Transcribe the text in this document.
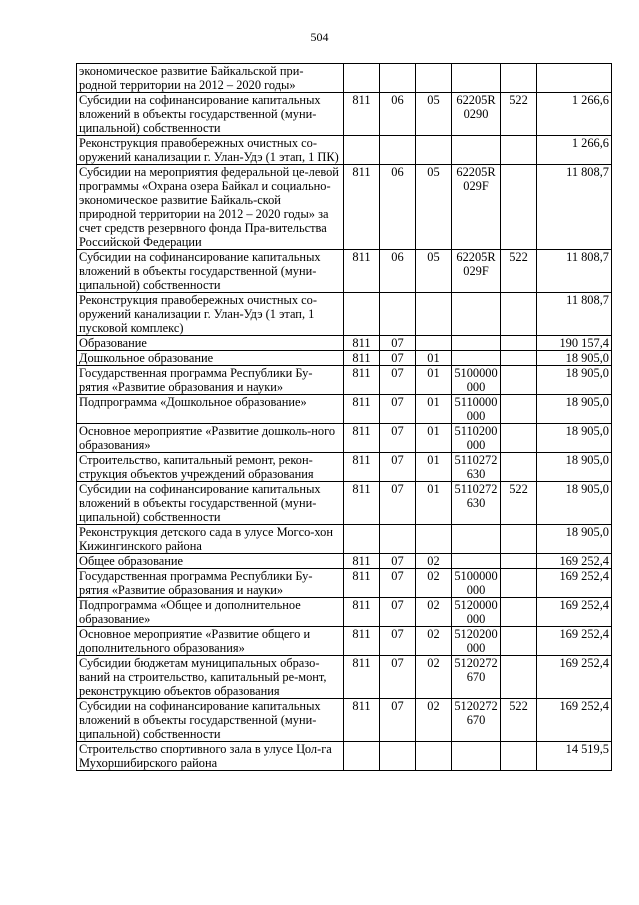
504
экономическое развитие Байкальской при-родной территории на 2012 – 2020 годы»						
Субсидии на софинансирование капитальных вложений в объекты государственной (муни-ципальной) собственности	811	06	05	62205R0290	522	1 266,6
Реконструкция правобережных очистных со-оружений канализации г. Улан-Удэ (1 этап, 1 ПК)						1 266,6
Субсидии на мероприятия федеральной це-левой программы «Охрана озера Байкал и социально-экономическое развитие Байкаль-ской природной территории на 2012 – 2020 годы» за счет средств резервного фонда Пра-вительства Российской Федерации	811	06	05	62205R029F		11 808,7
Субсидии на софинансирование капитальных вложений в объекты государственной (муни-ципальной) собственности	811	06	05	62205R029F	522	11 808,7
Реконструкция правобережных очистных со-оружений канализации г. Улан-Удэ (1 этап, 1 пусковой комплекс)						11 808,7
Образование	811	07				190 157,4
Дошкольное образование	811	07	01			18 905,0
Государственная программа Республики Бу-рятия «Развитие образования и науки»	811	07	01	5100000000		18 905,0
Подпрограмма «Дошкольное образование»	811	07	01	5110000000		18 905,0
Основное мероприятие «Развитие дошколь-ного образования»	811	07	01	5110200000		18 905,0
Строительство, капитальный ремонт, рекон-струкция объектов учреждений образования	811	07	01	5110272630		18 905,0
Субсидии на софинансирование капитальных вложений в объекты государственной (муни-ципальной) собственности	811	07	01	5110272630	522	18 905,0
Реконструкция детского сада в улусе Могсо-хон Кижингинского района						18 905,0
Общее образование	811	07	02			169 252,4
Государственная программа Республики Бу-рятия «Развитие образования и науки»	811	07	02	5100000000		169 252,4
Подпрограмма «Общее и дополнительное образование»	811	07	02	5120000000		169 252,4
Основное мероприятие «Развитие общего и дополнительного образования»	811	07	02	5120200000		169 252,4
Субсидии бюджетам муниципальных образо-ваний на строительство, капитальный ре-монт, реконструкцию объектов образования	811	07	02	5120272670		169 252,4
Субсидии на софинансирование капитальных вложений в объекты государственной (муни-ципальной) собственности	811	07	02	5120272670	522	169 252,4
Строительство спортивного зала в улусе Цол-га Мухоршибирского района						14 519,5
